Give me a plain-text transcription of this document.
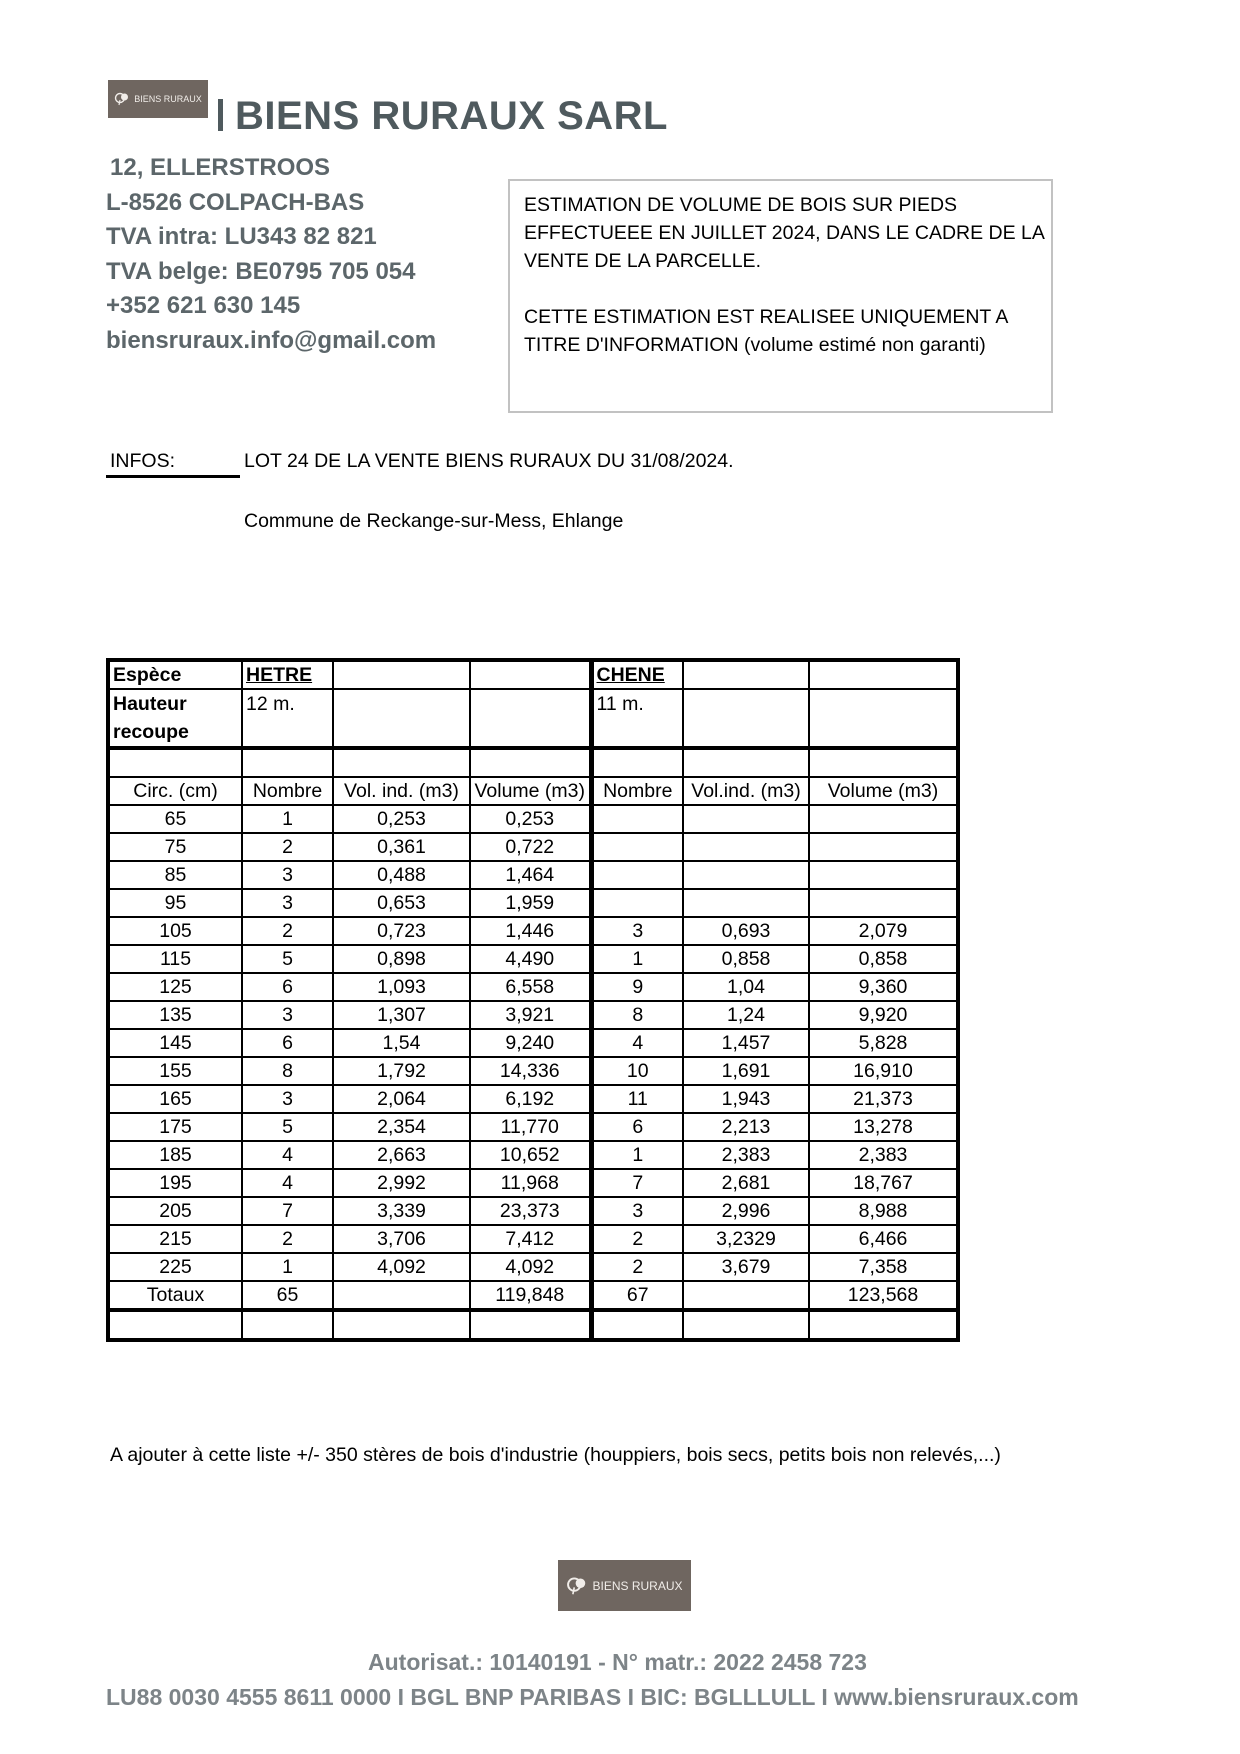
BIENS RURAUX BIENS RURAUX SARL
12, ELLERSTROOS
L-8526 COLPACH-BAS
TVA intra: LU343 82 821
TVA belge: BE0795 705 054
+352 621 630 145
biensruraux.info@gmail.com

ESTIMATION DE VOLUME DE BOIS SUR PIEDS

EFFECTUEEE EN JUILLET 2024, DANS LE CADRE DE LA

VENTE DE LA PARCELLE.

CETTE ESTIMATION EST REALISEE UNIQUEMENT A

TITRE D'INFORMATION (volume estimé non garanti)

INFOS:	LOT 24 DE LA VENTE BIENS RURAUX DU 31/08/2024.
Commune de Reckange-sur-Mess, Ehlange
Espèce	HETRE			CHENE		
Hauteur
recoupe	12 m.			11 m.		

Circ. (cm)	Nombre	Vol. ind. (m3)	Volume (m3)	Nombre	Vol.ind. (m3)	Volume (m3)
65	1	0,253	0,253			
75	2	0,361	0,722			
85	3	0,488	1,464			
95	3	0,653	1,959			
105	2	0,723	1,446	3	0,693	2,079
115	5	0,898	4,490	1	0,858	0,858
125	6	1,093	6,558	9	1,04	9,360
135	3	1,307	3,921	8	1,24	9,920
145	6	1,54	9,240	4	1,457	5,828
155	8	1,792	14,336	10	1,691	16,910
165	3	2,064	6,192	11	1,943	21,373
175	5	2,354	11,770	6	2,213	13,278
185	4	2,663	10,652	1	2,383	2,383
195	4	2,992	11,968	7	2,681	18,767
205	7	3,339	23,373	3	2,996	8,988
215	2	3,706	7,412	2	3,2329	6,466
225	1	4,092	4,092	2	3,679	7,358
Totaux	65		119,848	67		123,568

A ajouter à cette liste +/- 350 stères de bois d'industrie (houppiers, bois secs, petits bois non relevés,...)
BIENS RURAUX
Autorisat.: 10140191 - N° matr.: 2022 2458 723
LU88 0030 4555 8611 0000 I BGL BNP PARIBAS I BIC: BGLLLULL I www.biensruraux.com
